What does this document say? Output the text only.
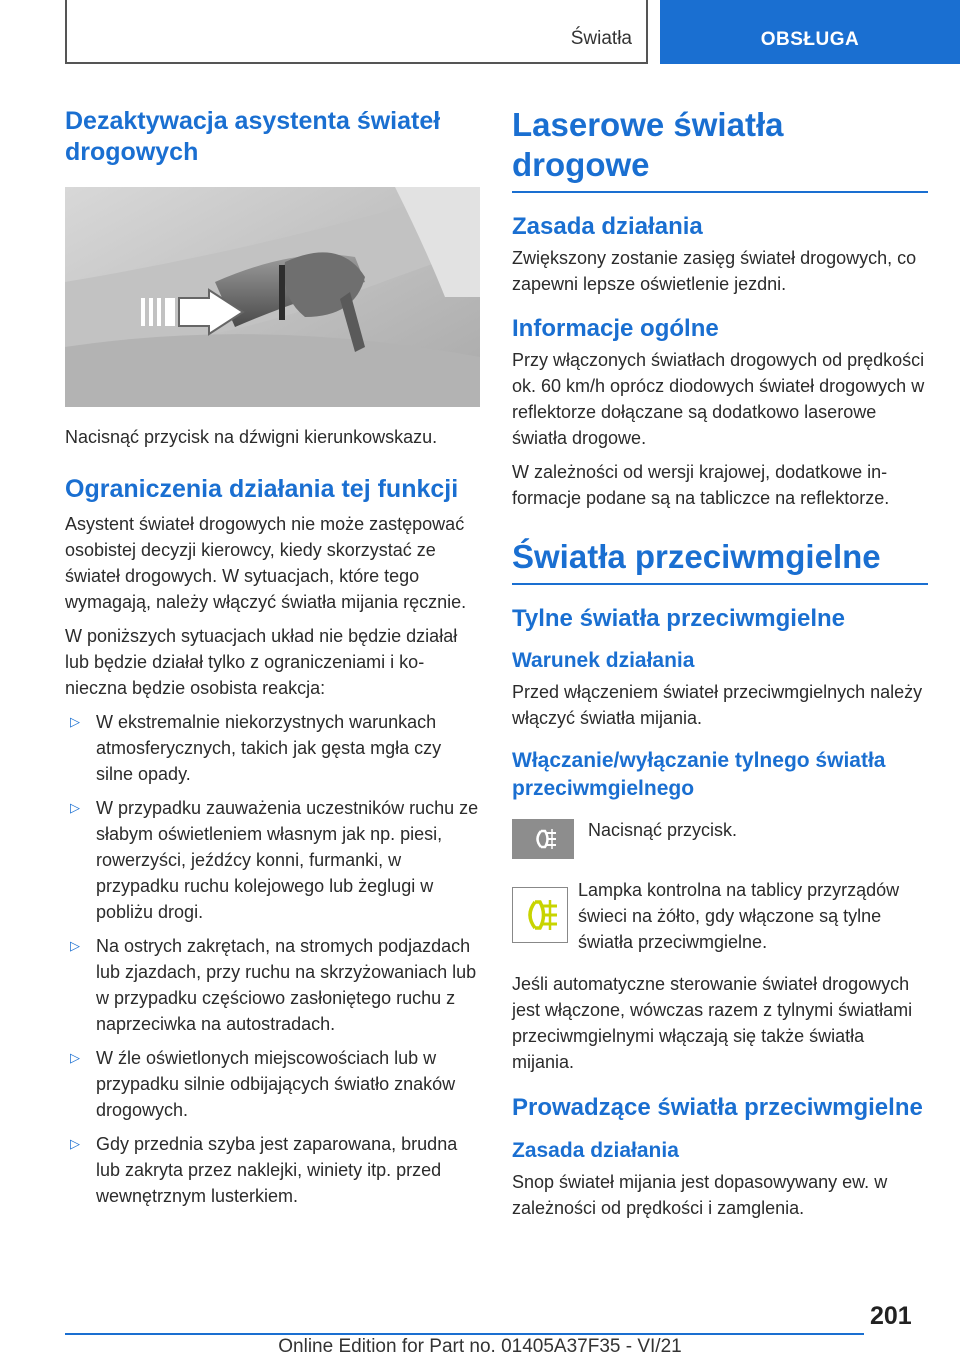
Światła	OBSŁUGA
Dezaktywacja asystenta świateł drogowych

Nacisnąć przycisk na dźwigni kierunkowskazu.

Ograniczenia działania tej funkcji

Asystent świateł drogowych nie może zastępować osobistej decyzji kierowcy, kiedy skorzystać ze świateł drogowych. W sytuacjach, które tego wymagają, należy włączyć światła mijania ręcznie.

W poniższych sytuacjach układ nie będzie działał lub będzie działał tylko z ograniczeniami i konieczna będzie osobista reakcja:

▷ W ekstremalnie niekorzystnych warunkach atmosferycznych, takich jak gęsta mgła czy silne opady.
▷ W przypadku zauważenia uczestników ruchu ze słabym oświetleniem własnym jak np. piesi, rowerzyści, jeźdźcy konni, furmanki, w przypadku ruchu kolejowego lub żeglugi w pobliżu drogi.
▷ Na ostrych zakrętach, na stromych podjazdach lub zjazdach, przy ruchu na skrzyżowaniach lub w przypadku częściowo zasłoniętego ruchu z naprzeciwka na autostradach.
▷ W źle oświetlonych miejscowościach lub w przypadku silnie odbijających światło znaków drogowych.
▷ Gdy przednia szyba jest zaparowana, brudna lub zakryta przez naklejki, winiety itp. przed wewnętrznym lusterkiem.
Laserowe światła drogowe
Zasada działania

Zwiększony zostanie zasięg świateł drogowych, co zapewni lepsze oświetlenie jezdni.

Informacje ogólne

Przy włączonych światłach drogowych od prędkości ok. 60 km/h oprócz diodowych świateł drogowych w reflektorze dołączane są dodatkowo laserowe światła drogowe.

W zależności od wersji krajowej, dodatkowe informacje podane są na tabliczce na reflektorze.

Światła przeciwmgielne
Tylne światła przeciwmgielne
Warunek działania

Przed włączeniem świateł przeciwmgielnych należy włączyć światła mijania.

Włączanie/wyłączanie tylnego światła przeciwmgielnego

Nacisnąć przycisk.

Lampka kontrolna na tablicy przyrządów świeci na żółto, gdy włączone są tylne światła przeciwmgielne.

Jeśli automatyczne sterowanie świateł drogowych jest włączone, wówczas razem z tylnymi światłami przeciwmgielnymi włączają się także światła mijania.

Prowadzące światła przeciwmgielne
Zasada działania

Snop świateł mijania jest dopasowywany ew. w zależności od prędkości i zamglenia.

201
Online Edition for Part no. 01405A37F35 - VI/21
